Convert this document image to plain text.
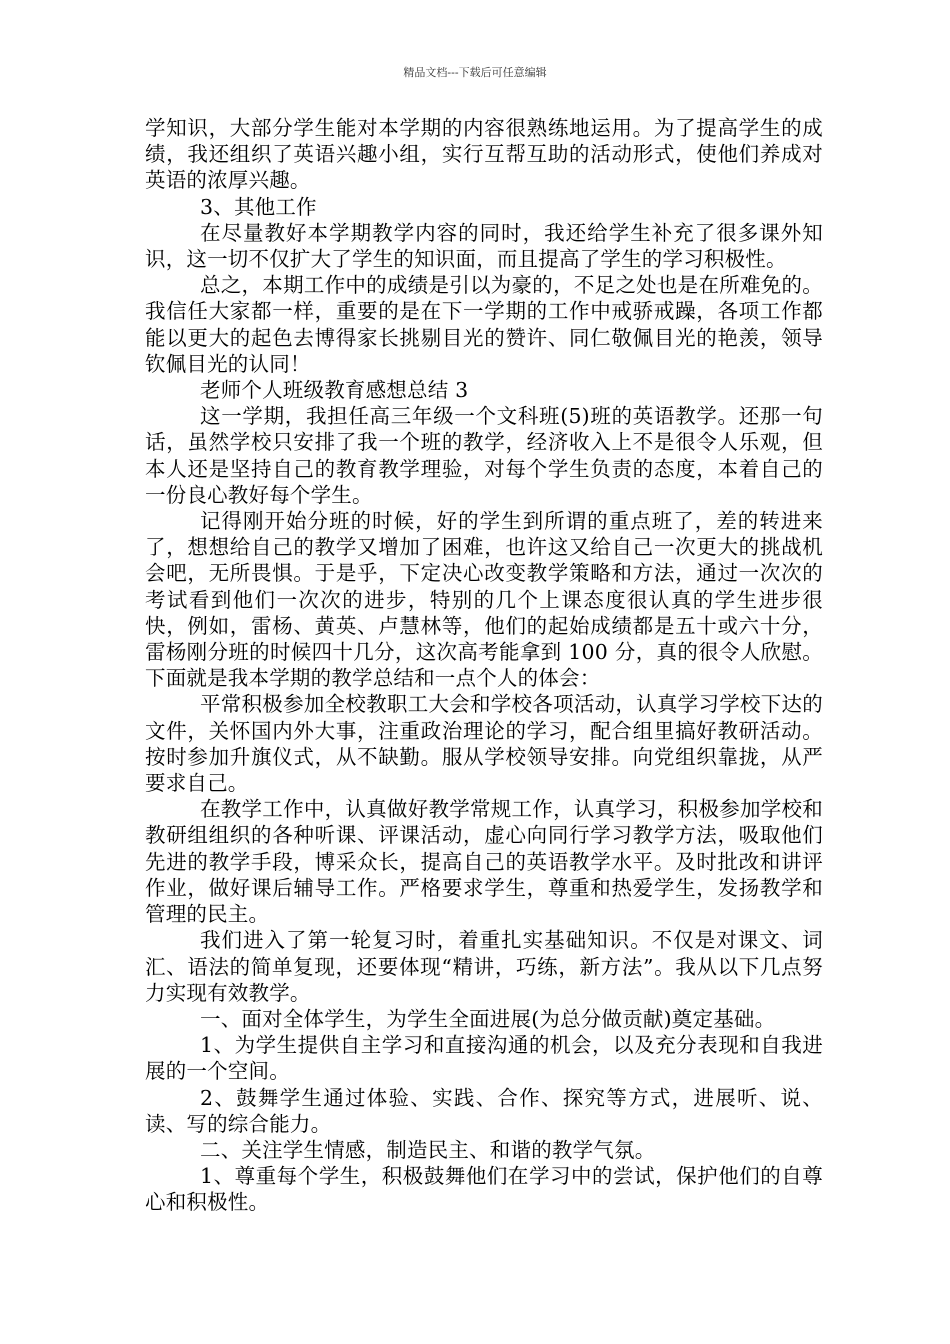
精品文档---下载后可任意编辑

学知识，大部分学生能对本学期的内容很熟练地运用。为了提高学生的成绩，我还组织了英语兴趣小组，实行互帮互助的活动形式，使他们养成对英语的浓厚兴趣。

3、其他工作

在尽量教好本学期教学内容的同时，我还给学生补充了很多课外知识，这一切不仅扩大了学生的知识面，而且提高了学生的学习积极性。

总之，本期工作中的成绩是引以为豪的，不足之处也是在所难免的。我信任大家都一样，重要的是在下一学期的工作中戒骄戒躁，各项工作都能以更大的起色去博得家长挑剔目光的赞许、同仁敬佩目光的艳羡，领导钦佩目光的认同！

老师个人班级教育感想总结 3

这一学期，我担任高三年级一个文科班(5)班的英语教学。还那一句话，虽然学校只安排了我一个班的教学，经济收入上不是很令人乐观，但本人还是坚持自己的教育教学理验，对每个学生负责的态度，本着自己的一份良心教好每个学生。

记得刚开始分班的时候，好的学生到所谓的重点班了，差的转进来了，想想给自己的教学又增加了困难，也许这又给自己一次更大的挑战机会吧，无所畏惧。于是乎，下定决心改变教学策略和方法，通过一次次的考试看到他们一次次的进步，特别的几个上课态度很认真的学生进步很快，例如，雷杨、黄英、卢慧林等，他们的起始成绩都是五十或六十分，雷杨刚分班的时候四十几分，这次高考能拿到 100 分，真的很令人欣慰。下面就是我本学期的教学总结和一点个人的体会：

平常积极参加全校教职工大会和学校各项活动，认真学习学校下达的文件，关怀国内外大事，注重政治理论的学习，配合组里搞好教研活动。按时参加升旗仪式，从不缺勤。服从学校领导安排。向党组织靠拢，从严要求自己。

在教学工作中，认真做好教学常规工作，认真学习，积极参加学校和教研组组织的各种听课、评课活动，虚心向同行学习教学方法，吸取他们先进的教学手段，博采众长，提高自己的英语教学水平。及时批改和讲评作业，做好课后辅导工作。严格要求学生，尊重和热爱学生，发扬教学和管理的民主。

我们进入了第一轮复习时，着重扎实基础知识。不仅是对课文、词汇、语法的简单复现，还要体现“精讲，巧练，新方法”。我从以下几点努力实现有效教学。

一、面对全体学生，为学生全面进展(为总分做贡献)奠定基础。

1、为学生提供自主学习和直接沟通的机会，以及充分表现和自我进展的一个空间。

2、鼓舞学生通过体验、实践、合作、探究等方式，进展听、说、读、写的综合能力。

二、关注学生情感，制造民主、和谐的教学气氛。

1、尊重每个学生，积极鼓舞他们在学习中的尝试，保护他们的自尊心和积极性。
